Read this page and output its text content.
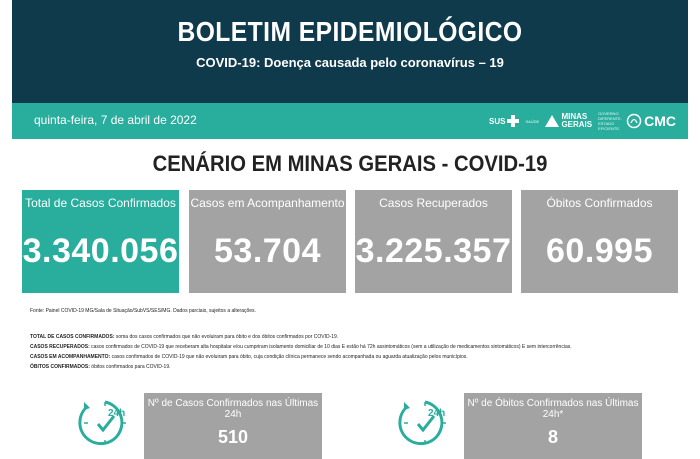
BOLETIM EPIDEMIOLÓGICO
COVID-19: Doença causada pelo coronavírus – 19
quinta-feira, 7 de abril de 2022	SUS	SAÚDE	MINAS
GERAIS
GOVERNO DIFERENTE. ESTADO EFICIENTE. CMC
CENÁRIO EM MINAS GERAIS - COVID-19
Total de Casos Confirmados
3.340.056
Casos em Acompanhamento
53.704
Casos Recuperados
3.225.357
Óbitos Confirmados
60.995
Fonte: Painel COVID-19 MG/Sala de Situação/SubVS/SES/MG. Dados parciais, sujeitos a alterações.
TOTAL DE CASOS CONFIRMADOS: soma dos casos confirmados que não evoluiram para óbito e dos óbitos confirmados por COVID-19.
CASOS RECUPERADOS: casos confirmados de COVID-19 que receberam alta hospitalar e/ou cumpriram isolamento domiciliar de 10 dias E estão há 72h assintomáticos (sem a utilização de medicamentos sintomáticos) E sem intercorrências.
CASOS EM ACOMPANHAMENTO: casos confirmados de COVID-19 que não evoluiram para óbito, cuja condição clínica permanece sendo acompanhada ou aguarda atualização pelos municípios.
ÓBITOS CONFIRMADOS: óbitos confirmados para COVID-19.
24h
Nº de Casos Confirmados nas Últimas 24h
510
24h
Nº de Óbitos Confirmados nas Últimas 24h*
8
